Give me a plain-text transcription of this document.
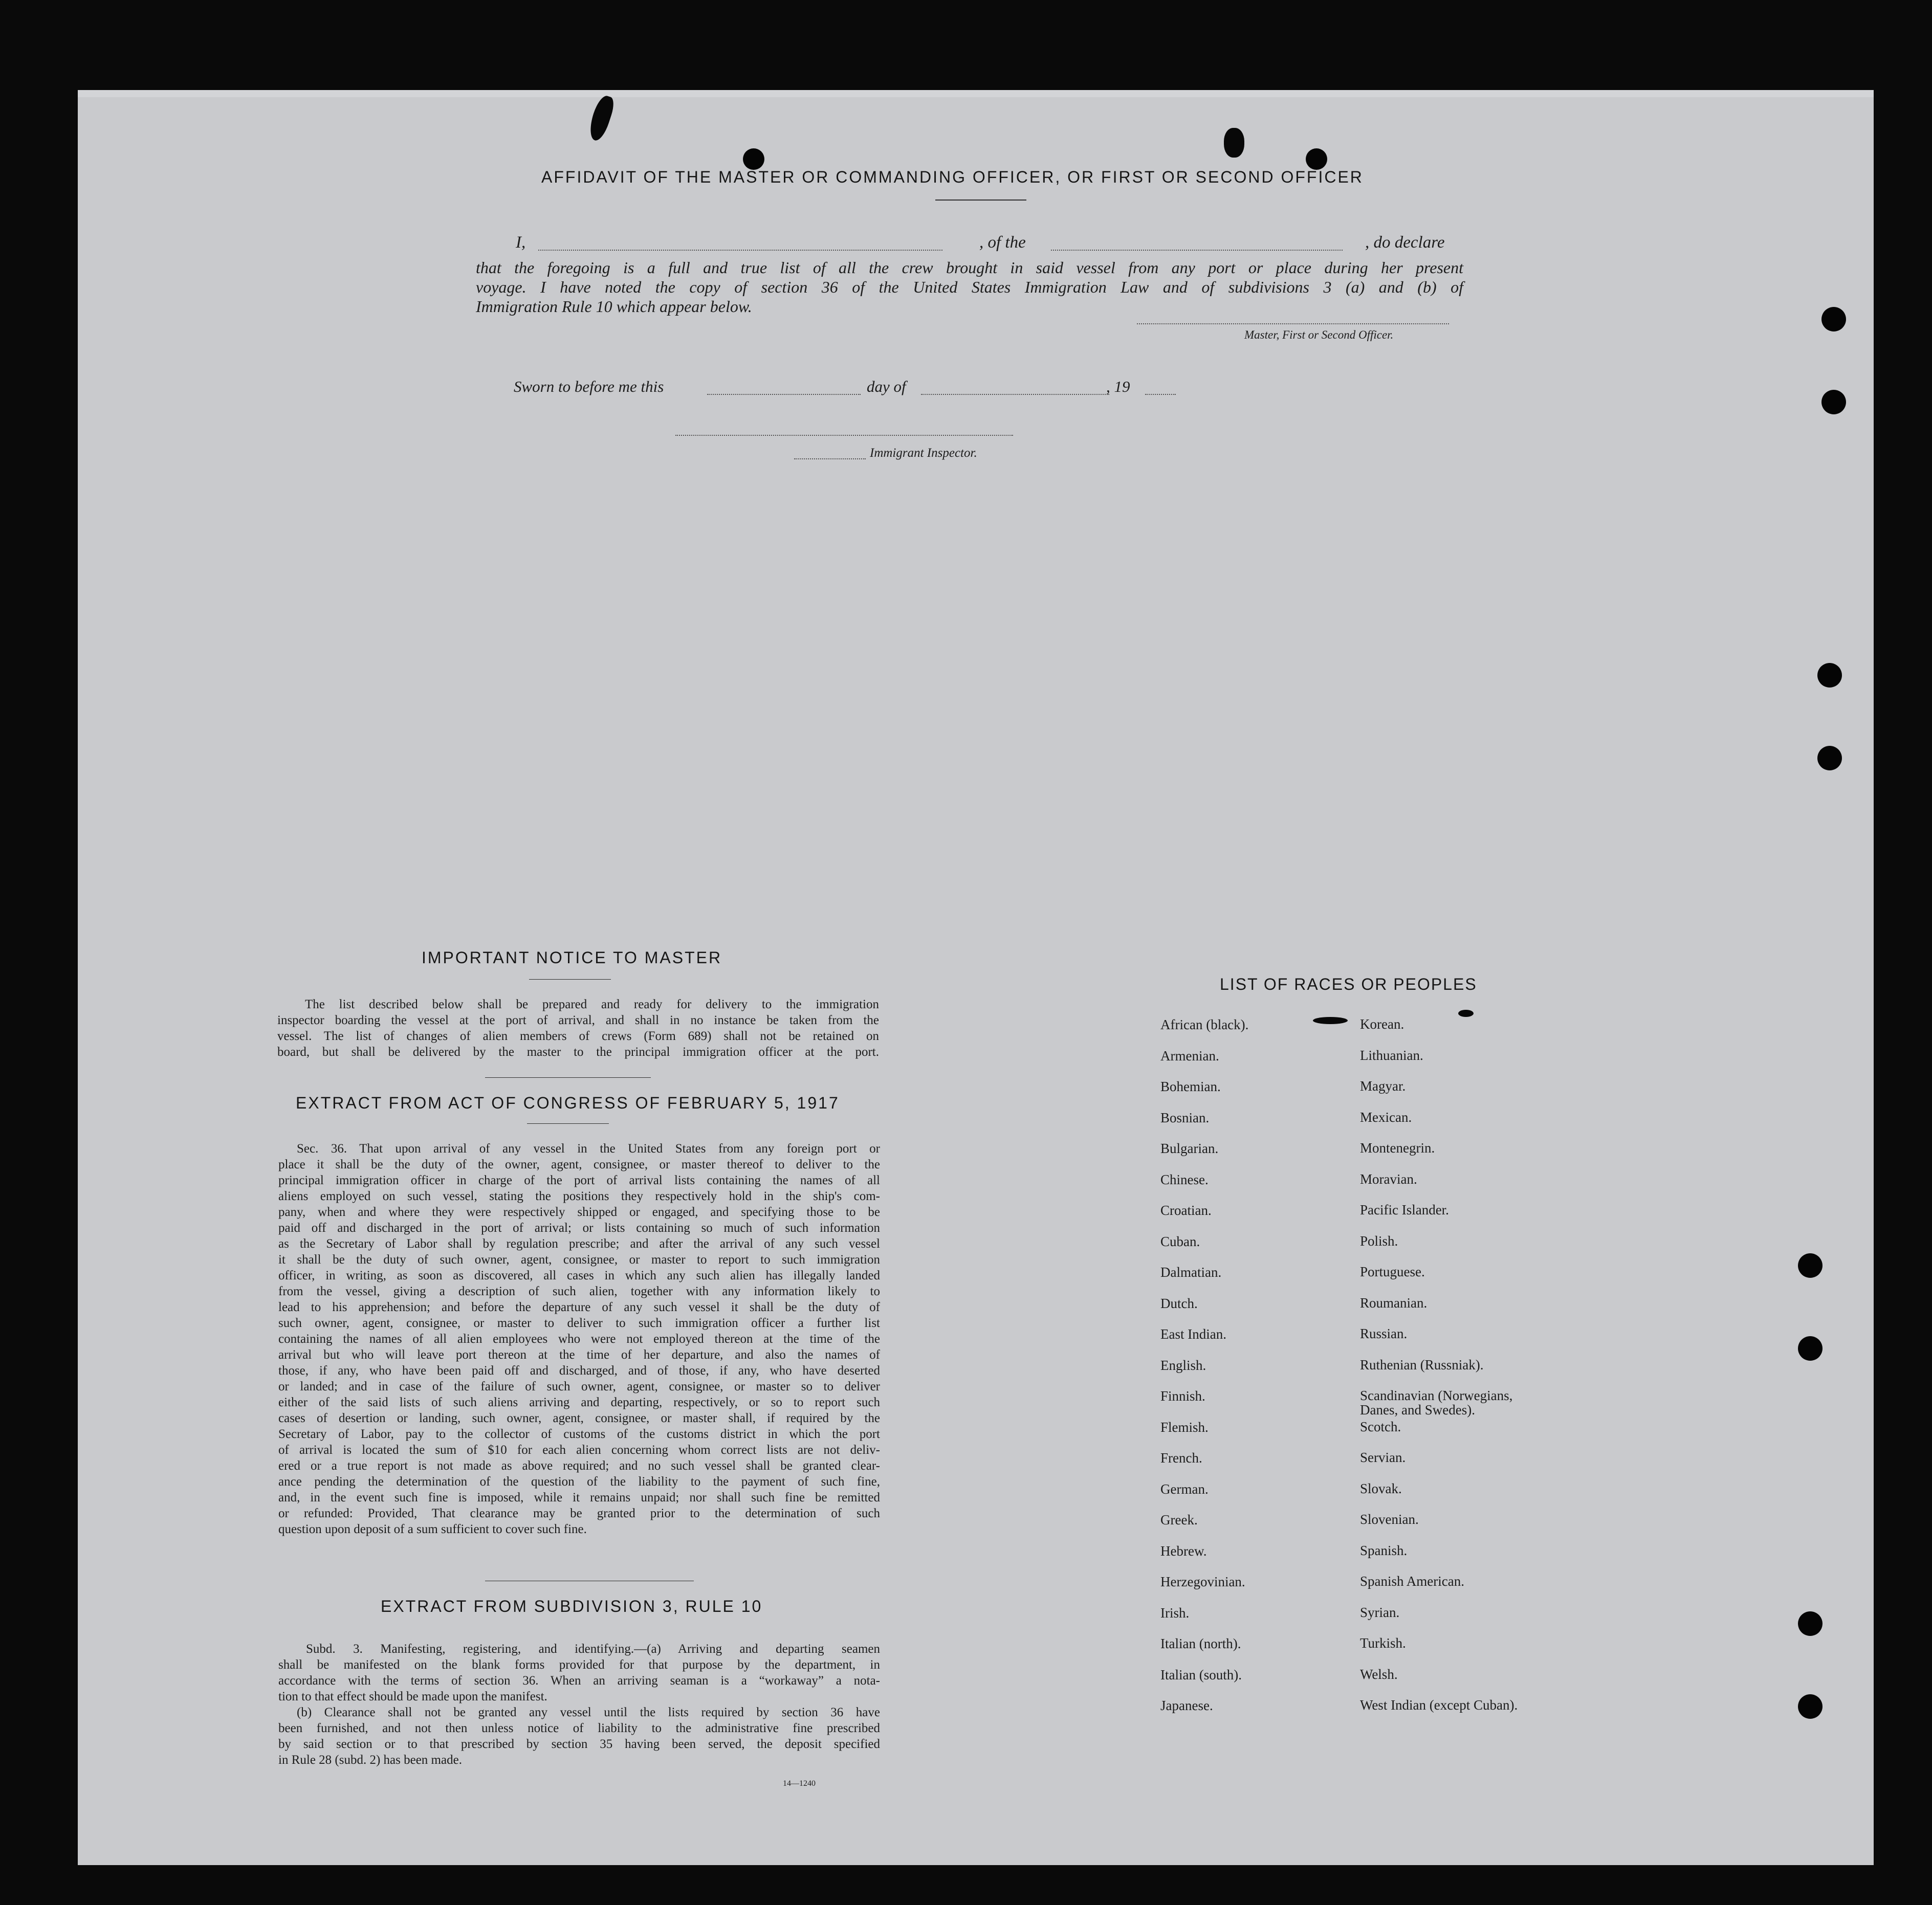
AFFIDAVIT OF THE MASTER OR COMMANDING OFFICER, OR FIRST OR SECOND OFFICER
I,	, of the	, do declare
that the foregoing is a full and true list of all the crew brought in said vessel from any port or place during her present
voyage. I have noted the copy of section 36 of the United States Immigration Law and of subdivisions 3 (a) and (b) of
Immigration Rule 10 which appear below.
Master, First or Second Officer.
Sworn to before me this	day of	, 19
Immigrant Inspector.
IMPORTANT NOTICE TO MASTER
The list described below shall be prepared and ready for delivery to the immigration
inspector boarding the vessel at the port of arrival, and shall in no instance be taken from the
vessel. The list of changes of alien members of crews (Form 689) shall not be retained on
board, but shall be delivered by the master to the principal immigration officer at the port.
EXTRACT FROM ACT OF CONGRESS OF FEBRUARY 5, 1917
Sec. 36. That upon arrival of any vessel in the United States from any foreign port or
place it shall be the duty of the owner, agent, consignee, or master thereof to deliver to the
principal immigration officer in charge of the port of arrival lists containing the names of all
aliens employed on such vessel, stating the positions they respectively hold in the ship's com-
pany, when and where they were respectively shipped or engaged, and specifying those to be
paid off and discharged in the port of arrival; or lists containing so much of such information
as the Secretary of Labor shall by regulation prescribe; and after the arrival of any such vessel
it shall be the duty of such owner, agent, consignee, or master to report to such immigration
officer, in writing, as soon as discovered, all cases in which any such alien has illegally landed
from the vessel, giving a description of such alien, together with any information likely to
lead to his apprehension; and before the departure of any such vessel it shall be the duty of
such owner, agent, consignee, or master to deliver to such immigration officer a further list
containing the names of all alien employees who were not employed thereon at the time of the
arrival but who will leave port thereon at the time of her departure, and also the names of
those, if any, who have been paid off and discharged, and of those, if any, who have deserted
or landed; and in case of the failure of such owner, agent, consignee, or master so to deliver
either of the said lists of such aliens arriving and departing, respectively, or so to report such
cases of desertion or landing, such owner, agent, consignee, or master shall, if required by the
Secretary of Labor, pay to the collector of customs of the customs district in which the port
of arrival is located the sum of $10 for each alien concerning whom correct lists are not deliv-
ered or a true report is not made as above required; and no such vessel shall be granted clear-
ance pending the determination of the question of the liability to the payment of such fine,
and, in the event such fine is imposed, while it remains unpaid; nor shall such fine be remitted
or refunded: Provided, That clearance may be granted prior to the determination of such
question upon deposit of a sum sufficient to cover such fine.
EXTRACT FROM SUBDIVISION 3, RULE 10
Subd. 3. Manifesting, registering, and identifying.—(a) Arriving and departing seamen
shall be manifested on the blank forms provided for that purpose by the department, in
accordance with the terms of section 36. When an arriving seaman is a “workaway” a nota-
tion to that effect should be made upon the manifest.
(b) Clearance shall not be granted any vessel until the lists required by section 36 have
been furnished, and not then unless notice of liability to the administrative fine prescribed
by said section or to that prescribed by section 35 having been served, the deposit specified
in Rule 28 (subd. 2) has been made.
14—1240
LIST OF RACES OR PEOPLES
African (black).
Armenian.
Bohemian.
Bosnian.
Bulgarian.
Chinese.
Croatian.
Cuban.
Dalmatian.
Dutch.
East Indian.
English.
Finnish.
Flemish.
French.
German.
Greek.
Hebrew.
Herzegovinian.
Irish.
Italian (north).
Italian (south).
Japanese.
Korean.
Lithuanian.
Magyar.
Mexican.
Montenegrin.
Moravian.
Pacific Islander.
Polish.
Portuguese.
Roumanian.
Russian.
Ruthenian (Russniak).
Scandinavian (Norwegians,
Danes, and Swedes).
Scotch.
Servian.
Slovak.
Slovenian.
Spanish.
Spanish American.
Syrian.
Turkish.
Welsh.
West Indian (except Cuban).
